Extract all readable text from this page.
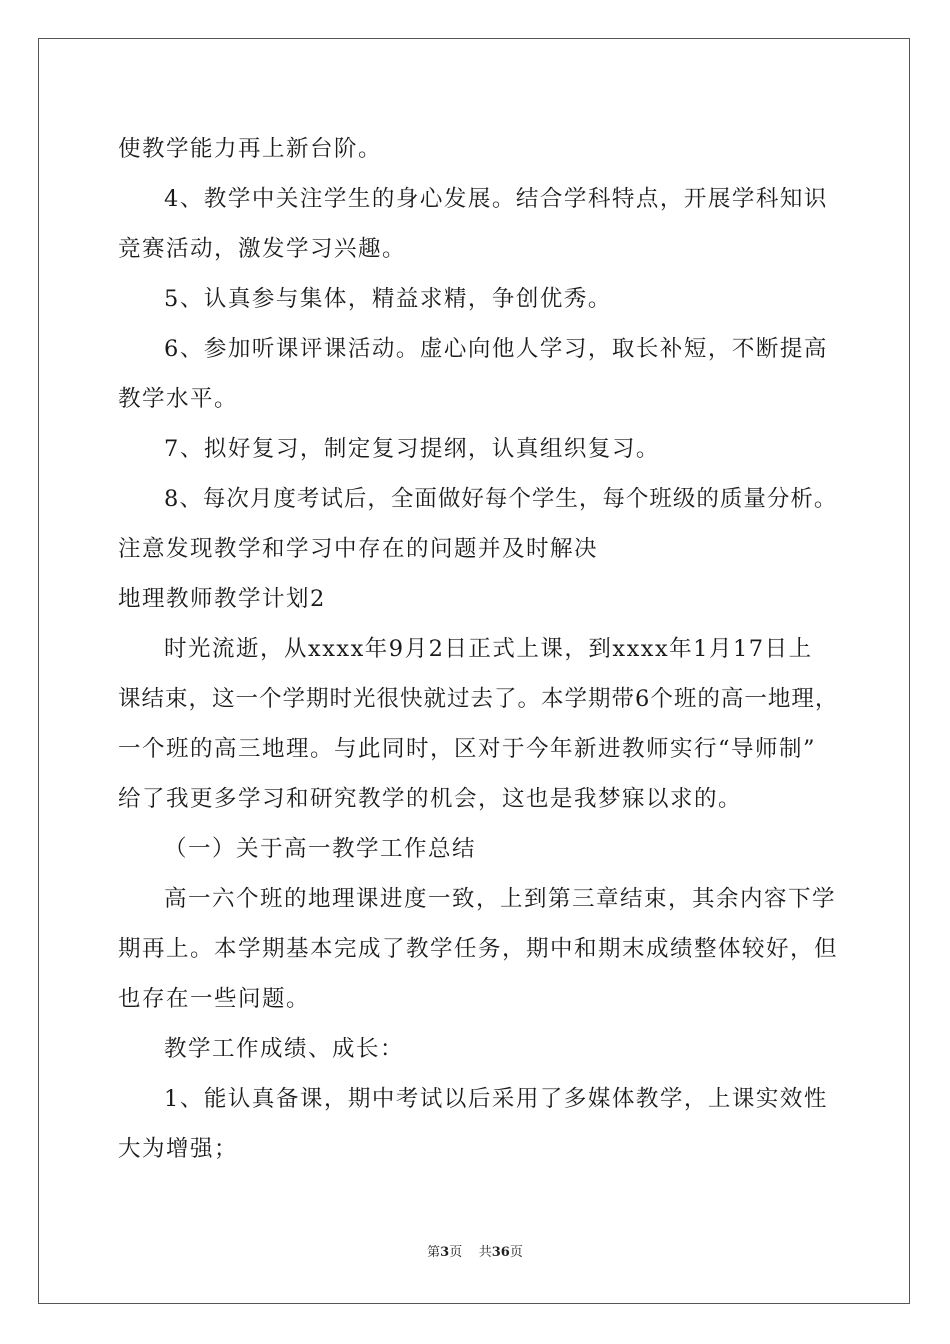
使教学能力再上新台阶。
4、教学中关注学生的身心发展。结合学科特点，开展学科知识
竞赛活动，激发学习兴趣。
5、认真参与集体，精益求精，争创优秀。
6、参加听课评课活动。虚心向他人学习，取长补短，不断提高
教学水平。
7、拟好复习，制定复习提纲，认真组织复习。
8、每次月度考试后，全面做好每个学生，每个班级的质量分析。
注意发现教学和学习中存在的问题并及时解决
地理教师教学计划2
时光流逝，从xxxx年9月2日正式上课，到xxxx年1月17日上
课结束，这一个学期时光很快就过去了。本学期带6个班的高一地理，
一个班的高三地理。与此同时，区对于今年新进教师实行“导师制”
给了我更多学习和研究教学的机会，这也是我梦寐以求的。
（一）关于高一教学工作总结
高一六个班的地理课进度一致，上到第三章结束，其余内容下学
期再上。本学期基本完成了教学任务，期中和期末成绩整体较好，但
也存在一些问题。
教学工作成绩、成长：
1、能认真备课，期中考试以后采用了多媒体教学，上课实效性
大为增强；
第3页 共36页
